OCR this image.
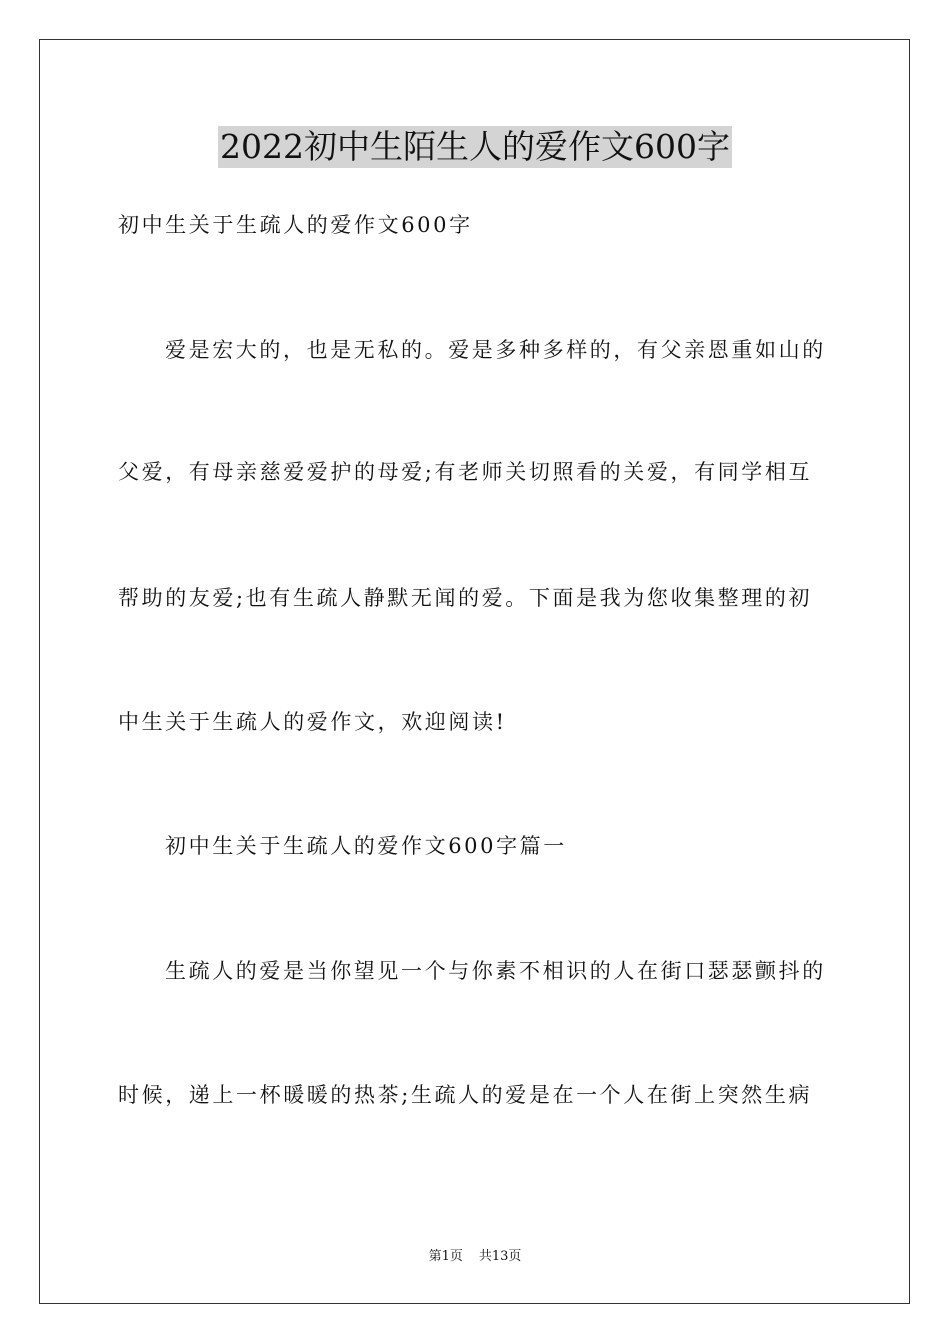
2022初中生陌生人的爱作文600字
初中生关于生疏人的爱作文600字
爱是宏大的，也是无私的。爱是多种多样的，有父亲恩重如山的
父爱，有母亲慈爱爱护的母爱;有老师关切照看的关爱，有同学相互
帮助的友爱;也有生疏人静默无闻的爱。下面是我为您收集整理的初
中生关于生疏人的爱作文，欢迎阅读!
初中生关于生疏人的爱作文600字篇一
生疏人的爱是当你望见一个与你素不相识的人在街口瑟瑟颤抖的
时候，递上一杯暖暖的热茶;生疏人的爱是在一个人在街上突然生病
第1页 共13页
